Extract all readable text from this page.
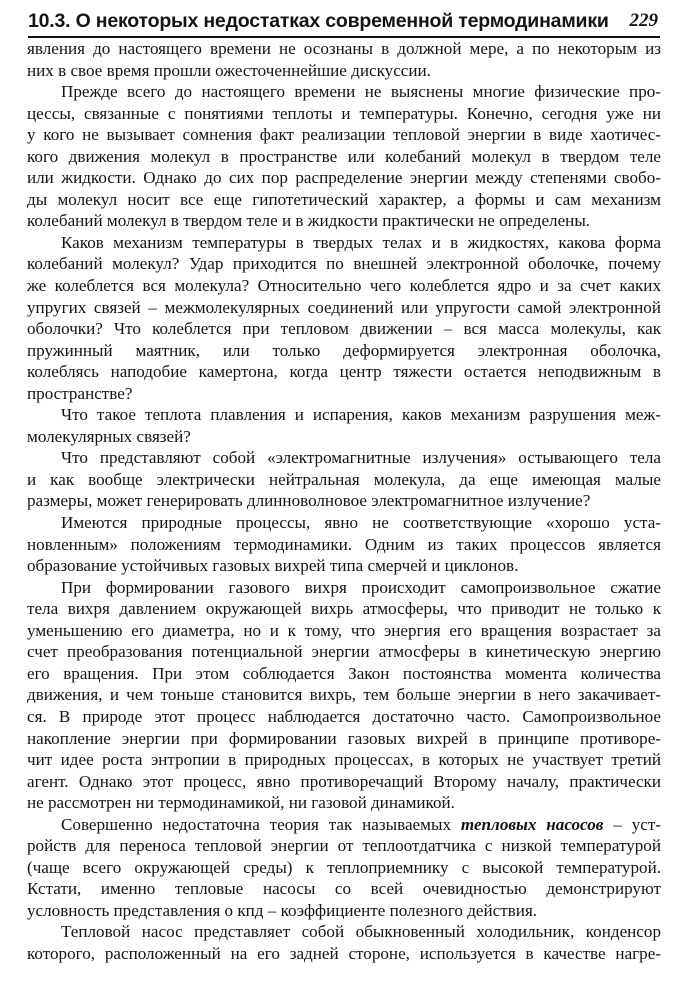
10.3. О некоторых недостатках современной термодинамики 229
явления до настоящего времени не осознаны в должной мере, а по некоторым из
них в свое время прошли ожесточеннейшие дискуссии.
Прежде всего до настоящего времени не выяснены многие физические про-
цессы, связанные с понятиями теплоты и температуры. Конечно, сегодня уже ни
у кого не вызывает сомнения факт реализации тепловой энергии в виде хаотичес-
кого движения молекул в пространстве или колебаний молекул в твердом теле
или жидкости. Однако до сих пор распределение энергии между степенями свобо-
ды молекул носит все еще гипотетический характер, а формы и сам механизм
колебаний молекул в твердом теле и в жидкости практически не определены.
Каков механизм температуры в твердых телах и в жидкостях, какова форма
колебаний молекул? Удар приходится по внешней электронной оболочке, почему
же колеблется вся молекула? Относительно чего колеблется ядро и за счет каких
упругих связей – межмолекулярных соединений или упругости самой электронной
оболочки? Что колеблется при тепловом движении – вся масса молекулы, как
пружинный маятник, или только деформируется электронная оболочка,
колеблясь наподобие камертона, когда центр тяжести остается неподвижным в
пространстве?
Что такое теплота плавления и испарения, каков механизм разрушения меж-
молекулярных связей?
Что представляют собой «электромагнитные излучения» остывающего тела
и как вообще электрически нейтральная молекула, да еще имеющая малые
размеры, может генерировать длинноволновое электромагнитное излучение?
Имеются природные процессы, явно не соответствующие «хорошо уста-
новленным» положениям термодинамики. Одним из таких процессов является
образование устойчивых газовых вихрей типа смерчей и циклонов.
При формировании газового вихря происходит самопроизвольное сжатие
тела вихря давлением окружающей вихрь атмосферы, что приводит не только к
уменьшению его диаметра, но и к тому, что энергия его вращения возрастает за
счет преобразования потенциальной энергии атмосферы в кинетическую энергию
его вращения. При этом соблюдается Закон постоянства момента количества
движения, и чем тоньше становится вихрь, тем больше энергии в него закачивает-
ся. В природе этот процесс наблюдается достаточно часто. Самопроизвольное
накопление энергии при формировании газовых вихрей в принципе противоре-
чит идее роста энтропии в природных процессах, в которых не участвует третий
агент. Однако этот процесс, явно противоречащий Второму началу, практически
не рассмотрен ни термодинамикой, ни газовой динамикой.
Совершенно недостаточна теория так называемых тепловых насосов – уст-
ройств для переноса тепловой энергии от теплоотдатчика с низкой температурой
(чаще всего окружающей среды) к теплоприемнику с высокой температурой.
Кстати, именно тепловые насосы со всей очевидностью демонстрируют
условность представления о кпд – коэффициенте полезного действия.
Тепловой насос представляет собой обыкновенный холодильник, конденсор
которого, расположенный на его задней стороне, используется в качестве нагре-
